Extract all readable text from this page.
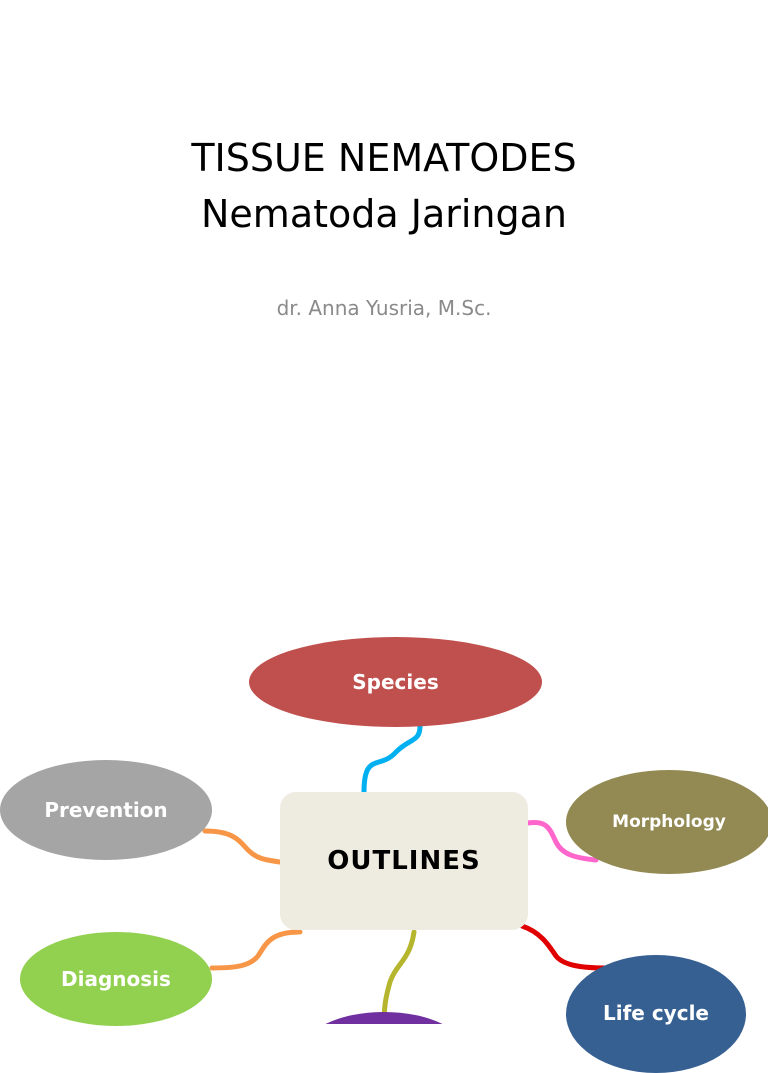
TISSUE NEMATODES
Nematoda Jaringan
dr. Anna Yusria, M.Sc.
Species
Prevention	Morphology
Diagnosis
Life cycle
OUTLINES
